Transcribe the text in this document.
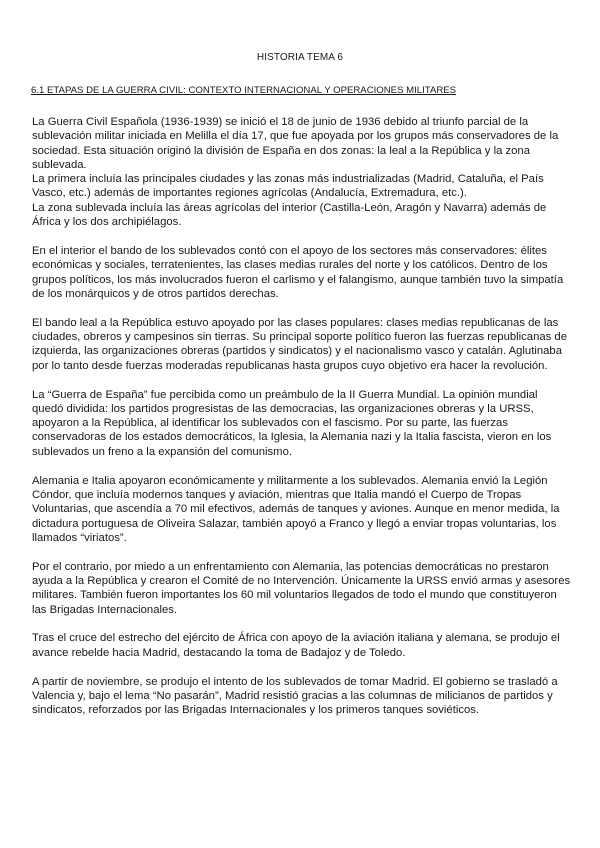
HISTORIA TEMA 6
6.1 ETAPAS DE LA GUERRA CIVIL: CONTEXTO INTERNACIONAL Y OPERACIONES MILITARES

La Guerra Civil Española (1936-1939) se inició el 18 de junio de 1936 debido al triunfo parcial de la sublevación militar iniciada en Melilla el día 17, que fue apoyada por los grupos más conservadores de la sociedad. Esta situación originó la división de España en dos zonas: la leal a la República y la zona sublevada.

La primera incluía las principales ciudades y las zonas más industrializadas (Madrid, Cataluña, el País Vasco, etc.) además de importantes regiones agrícolas (Andalucía, Extremadura, etc.).

La zona sublevada incluía las áreas agrícolas del interior (Castilla-León, Aragón y Navarra) además de África y los dos archipiélagos.

En el interior el bando de los sublevados contó con el apoyo de los sectores más conservadores: élites económicas y sociales, terratenientes, las clases medias rurales del norte y los católicos. Dentro de los grupos políticos, los más involucrados fueron el carlismo y el falangismo, aunque también tuvo la simpatía de los monárquicos y de otros partidos derechas.

El bando leal a la República estuvo apoyado por las clases populares: clases medias republicanas de las ciudades, obreros y campesinos sin tierras. Su principal soporte político fueron las fuerzas republicanas de izquierda, las organizaciones obreras (partidos y sindicatos) y el nacionalismo vasco y catalán. Aglutinaba por lo tanto desde fuerzas moderadas republicanas hasta grupos cuyo objetivo era hacer la revolución.

La “Guerra de España” fue percibida como un preámbulo de la II Guerra Mundial. La opinión mundial quedó dividida: los partidos progresistas de las democracias, las organizaciones obreras y la URSS, apoyaron a la República, al identificar los sublevados con el fascismo. Por su parte, las fuerzas conservadoras de los estados democráticos, la Iglesia, la Alemania nazi y la Italia fascista, vieron en los sublevados un freno a la expansión del comunismo.

Alemania e Italia apoyaron económicamente y militarmente a los sublevados. Alemania envió la Legión Cóndor, que incluía modernos tanques y aviación, mientras que Italia mandó el Cuerpo de Tropas Voluntarias, que ascendía a 70 mil efectivos, además de tanques y aviones. Aunque en menor medida, la dictadura portuguesa de Oliveira Salazar, también apoyó a Franco y llegó a enviar tropas voluntarias, los llamados “viriatos”.

Por el contrario, por miedo a un enfrentamiento con Alemania, las potencias democráticas no prestaron ayuda a la República y crearon el Comité de no Intervención. Únicamente la URSS envió armas y asesores militares. También fueron importantes los 60 mil voluntarios llegados de todo el mundo que constituyeron las Brigadas Internacionales.

Tras el cruce del estrecho del ejército de África con apoyo de la aviación italiana y alemana, se produjo el avance rebelde hacia Madrid, destacando la toma de Badajoz y de Toledo.

A partir de noviembre, se produjo el intento de los sublevados de tomar Madrid. El gobierno se trasladó a Valencia y, bajo el lema “No pasarán”, Madrid resistió gracias a las columnas de milicianos de partidos y sindicatos, reforzados por las Brigadas Internacionales y los primeros tanques soviéticos.
